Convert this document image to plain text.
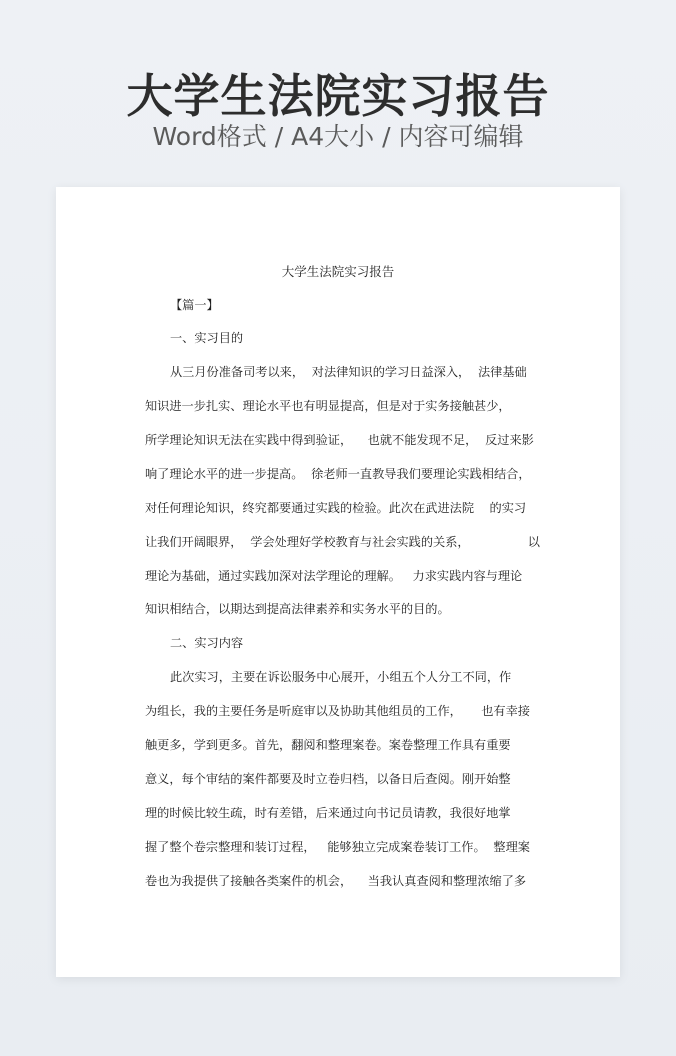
大学生法院实习报告
Word格式 / A4大小 / 内容可编辑
大学生法院实习报告
【篇一】
一、实习目的
从三月份准备司考以来，  对法律知识的学习日益深入，  法律基础
知识进一步扎实、理论水平也有明显提高，但是对于实务接触甚少，
所学理论知识无法在实践中得到验证，    也就不能发现不足，  反过来影
响了理论水平的进一步提高。  徐老师一直教导我们要理论实践相结合，
对任何理论知识，终究都要通过实践的检验。此次在武进法院    的实习
让我们开阔眼界，  学会处理好学校教育与社会实践的关系，               以
理论为基础，通过实践加深对法学理论的理解。   力求实践内容与理论
知识相结合，以期达到提高法律素养和实务水平的目的。
二、实习内容
此次实习，主要在诉讼服务中心展开，小组五个人分工不同，作
为组长，我的主要任务是听庭审以及协助其他组员的工作，     也有幸接
触更多，学到更多。首先，翻阅和整理案卷。案卷整理工作具有重要
意义，每个审结的案件都要及时立卷归档，以备日后查阅。刚开始整
理的时候比较生疏，时有差错，后来通过向书记员请教，我很好地掌
握了整个卷宗整理和装订过程，   能够独立完成案卷装订工作。  整理案
卷也为我提供了接触各类案件的机会，    当我认真查阅和整理浓缩了多
